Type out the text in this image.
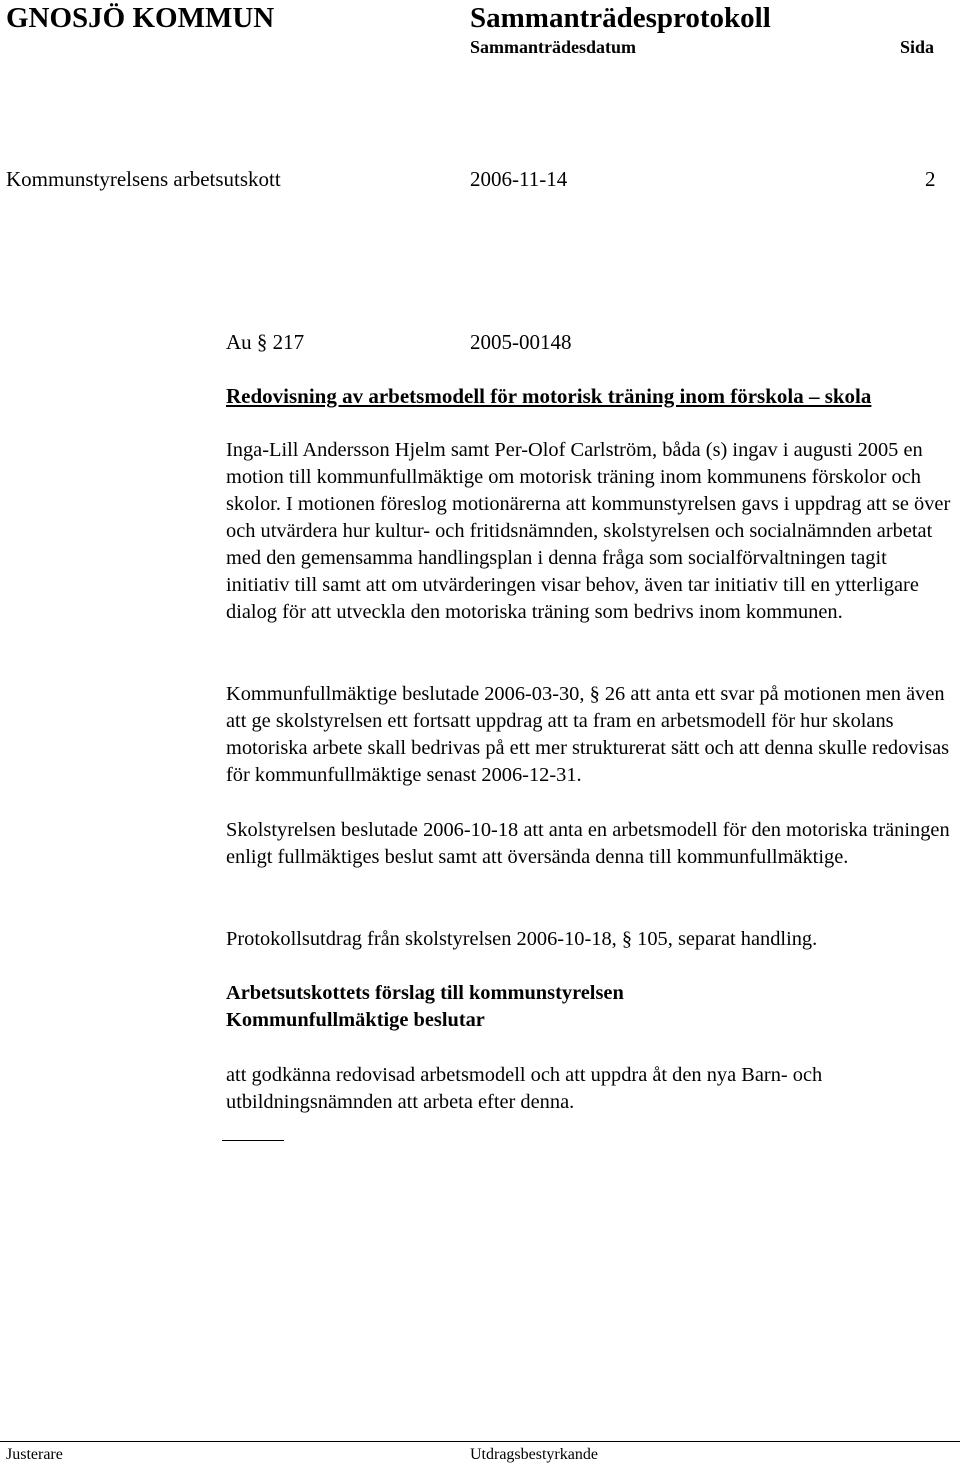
GNOSJÖ KOMMUN	Sammanträdesprotokoll
Sammanträdesdatum	Sida
Kommunstyrelsens arbetsutskott	2006-11-14	2
Au § 217	2005-00148
Redovisning av arbetsmodell för motorisk träning inom förskola – skola
Inga-Lill Andersson Hjelm samt Per-Olof Carlström, båda (s) ingav i augusti 2005 en motion till kommunfullmäktige om motorisk träning inom kommunens förskolor och skolor. I motionen föreslog motionärerna att kommunstyrelsen gavs i uppdrag att se över och utvärdera hur kultur- och fritidsnämnden, skolstyrelsen och socialnämnden arbetat med den gemensamma handlingsplan i denna fråga som socialförvaltningen tagit initiativ till samt att om utvärderingen visar behov, även tar initiativ till en ytterligare dialog för att utveckla den motoriska träning som bedrivs inom kommunen.
Kommunfullmäktige beslutade 2006-03-30, § 26 att anta ett svar på motionen men även att ge skolstyrelsen ett fortsatt uppdrag att ta fram en arbetsmodell för hur skolans motoriska arbete skall bedrivas på ett mer strukturerat sätt och att denna skulle redovisas för kommunfullmäktige senast 2006-12-31.
Skolstyrelsen beslutade 2006-10-18 att anta en arbetsmodell för den motoriska träningen enligt fullmäktiges beslut samt att översända denna till kommunfullmäktige.
Protokollsutdrag från skolstyrelsen 2006-10-18, § 105, separat handling.
Arbetsutskottets förslag till kommunstyrelsen
Kommunfullmäktige beslutar
att godkänna redovisad arbetsmodell och att uppdra åt den nya Barn- och utbildningsnämnden att arbeta efter denna.
Justerare	Utdragsbestyrkande
